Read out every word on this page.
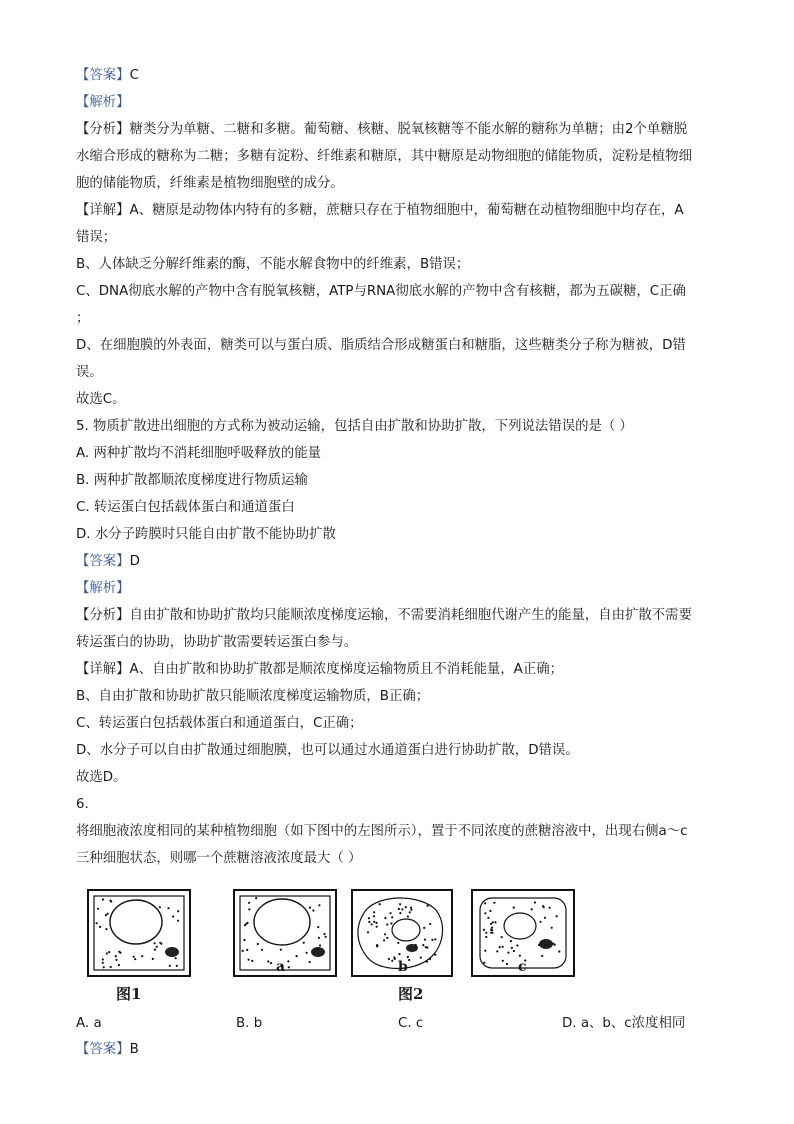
【答案】C
【解析】
【分析】糖类分为单糖、二糖和多糖。葡萄糖、核糖、脱氧核糖等不能水解的糖称为单糖；由2个单糖脱
水缩合形成的糖称为二糖；多糖有淀粉、纤维素和糖原，其中糖原是动物细胞的储能物质，淀粉是植物细
胞的储能物质，纤维素是植物细胞壁的成分。
【详解】A、糖原是动物体内特有的多糖，蔗糖只存在于植物细胞中，葡萄糖在动植物细胞中均存在，A
错误；
B、人体缺乏分解纤维素的酶，不能水解食物中的纤维素，B错误；
C、DNA彻底水解的产物中含有脱氧核糖，ATP与RNA彻底水解的产物中含有核糖，都为五碳糖，C正确
；
D、在细胞膜的外表面，糖类可以与蛋白质、脂质结合形成糖蛋白和糖脂，这些糖类分子称为糖被，D错
误。
故选C。
5. 物质扩散进出细胞的方式称为被动运输，包括自由扩散和协助扩散，下列说法错误的是（ ）
A. 两种扩散均不消耗细胞呼吸释放的能量
B. 两种扩散都顺浓度梯度进行物质运输
C. 转运蛋白包括载体蛋白和通道蛋白
D. 水分子跨膜时只能自由扩散不能协助扩散
【答案】D
【解析】
【分析】自由扩散和协助扩散均只能顺浓度梯度运输，不需要消耗细胞代谢产生的能量，自由扩散不需要
转运蛋白的协助，协助扩散需要转运蛋白参与。
【详解】A、自由扩散和协助扩散都是顺浓度梯度运输物质且不消耗能量，A正确；
B、自由扩散和协助扩散只能顺浓度梯度运输物质，B正确；
C、转运蛋白包括载体蛋白和通道蛋白，C正确；
D、水分子可以自由扩散通过细胞膜，也可以通过水通道蛋白进行协助扩散，D错误。
故选D。
6.
将细胞液浓度相同的某种植物细胞（如下图中的左图所示），置于不同浓度的蔗糖溶液中，出现右侧a～c
三种细胞状态，则哪一个蔗糖溶液浓度最大（ ）
a	b	c
图1	图2
A. a	B. b	C. c	D. a、b、c浓度相同
【答案】B
